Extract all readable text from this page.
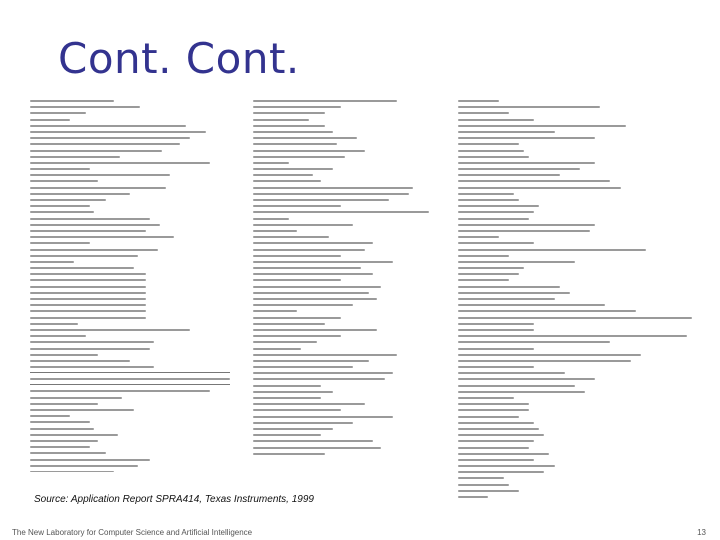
Cont. Cont.
Source: Application Report SPRA414, Texas Instruments, 1999
The New Laboratory for Computer Science and Artificial Intelligence	13
